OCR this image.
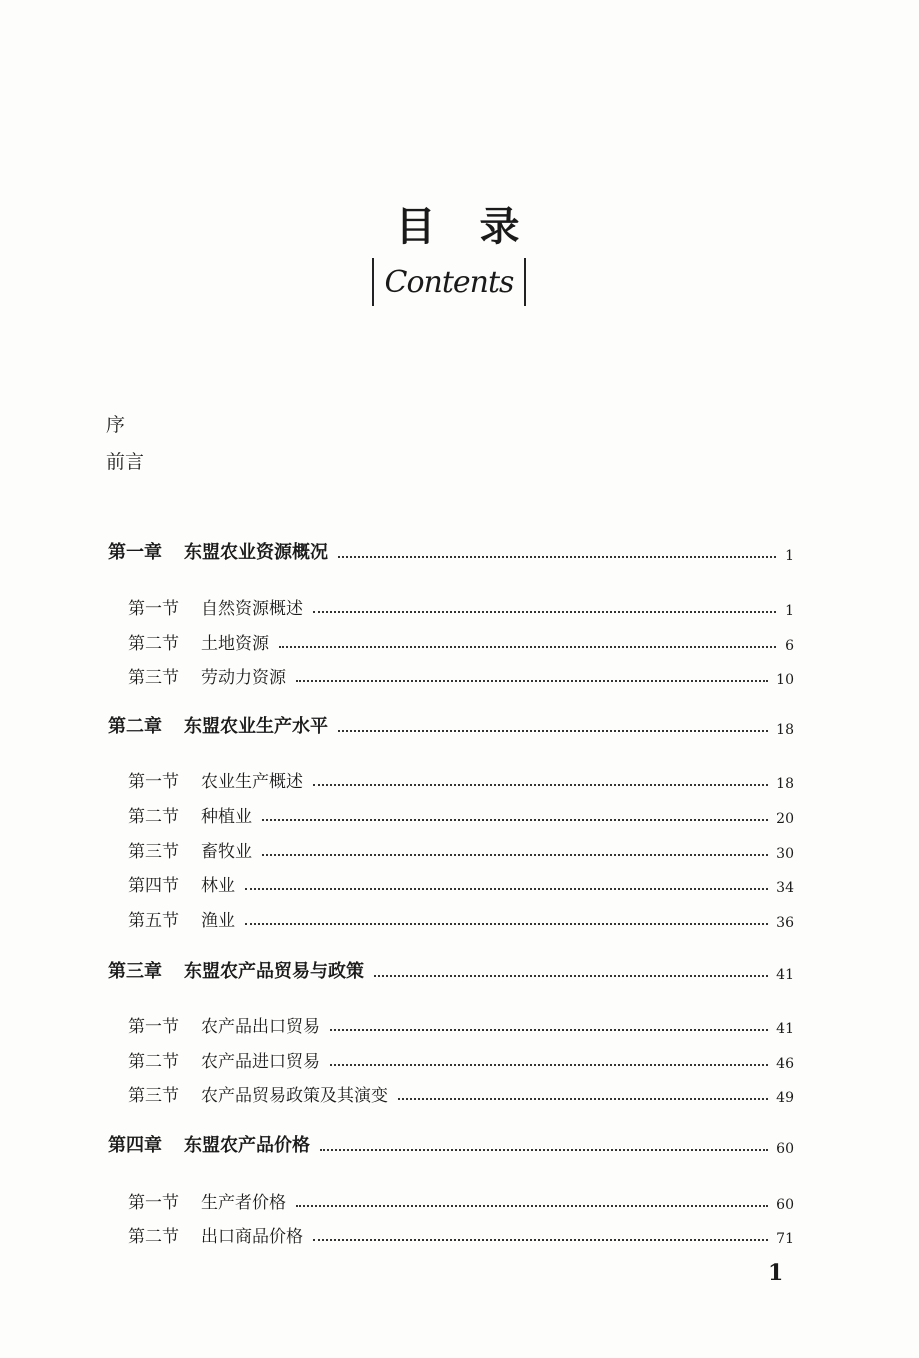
目录
Contents
序
前言
第一章 东盟农业资源概况	1
第一节 自然资源概述	1
第二节 土地资源	6
第三节 劳动力资源	10
第二章 东盟农业生产水平	18
第一节 农业生产概述	18
第二节 种植业	20
第三节 畜牧业	30
第四节 林业	34
第五节 渔业	36
第三章 东盟农产品贸易与政策	41
第一节 农产品出口贸易	41
第二节 农产品进口贸易	46
第三节 农产品贸易政策及其演变	49
第四章 东盟农产品价格	60
第一节 生产者价格	60
第二节 出口商品价格	71
1
